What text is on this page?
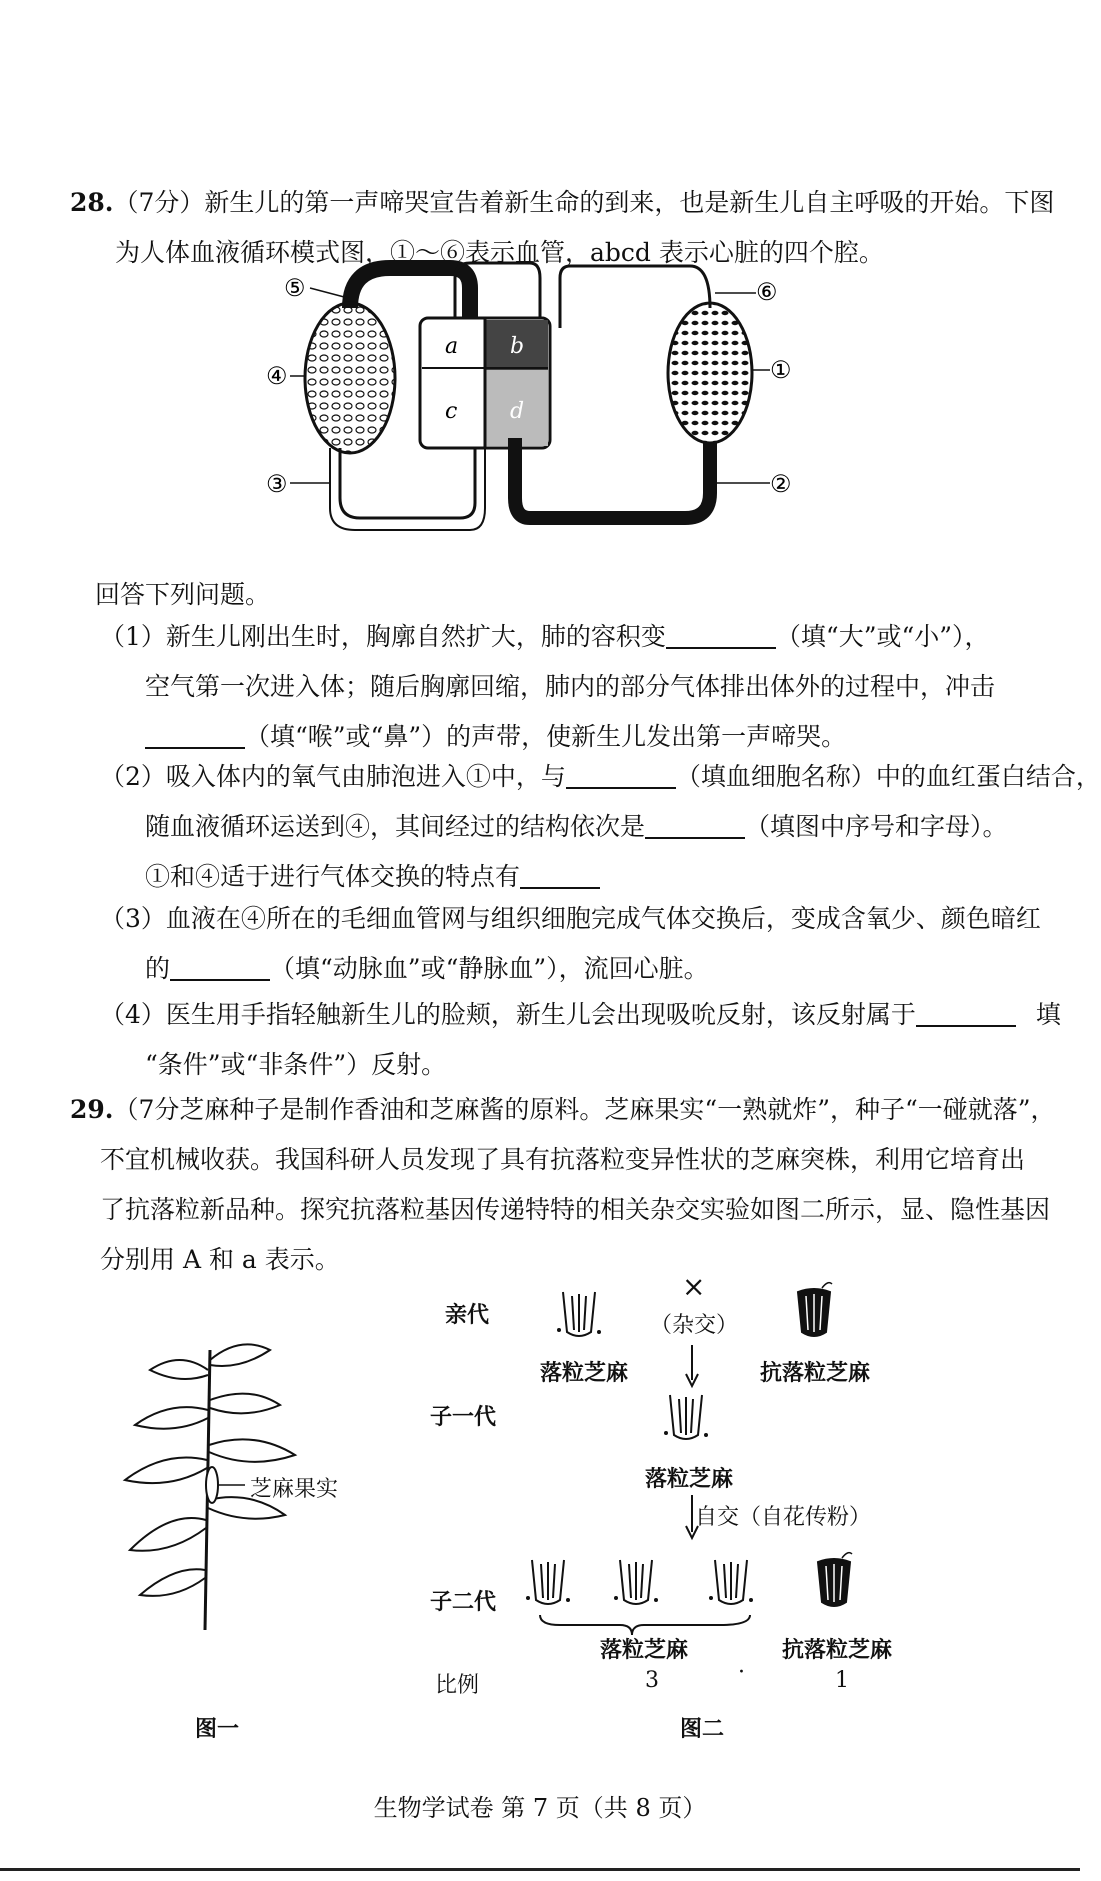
28.（7分）新生儿的第一声啼哭宣告着新生命的到来，也是新生儿自主呼吸的开始。下图
为人体血液循环模式图，①～⑥表示血管，abcd 表示心脏的四个腔。
a b
c d
①
②
③
④
⑤	⑥
回答下列问题。
（1）新生儿刚出生时，胸廓自然扩大，肺的容积变	（填“大”或“小”），
空气第一次进入体；随后胸廓回缩，肺内的部分气体排出体外的过程中，冲击
（填“喉”或“鼻”）的声带，使新生儿发出第一声啼哭。
（2）吸入体内的氧气由肺泡进入①中，与	（填血细胞名称）中的血红蛋白结合，
随血液循环运送到④，其间经过的结构依次是	（填图中序号和字母）。
①和④适于进行气体交换的特点有
（3）血液在④所在的毛细血管网与组织细胞完成气体交换后，变成含氧少、颜色暗红
的	（填“动脉血”或“静脉血”），流回心脏。
（4）医生用手指轻触新生儿的脸颊，新生儿会出现吸吮反射，该反射属于	填
“条件”或“非条件”）反射。
29.（7分芝麻种子是制作香油和芝麻酱的原料。芝麻果实“一熟就炸”，种子“一碰就落”，
不宜机械收获。我国科研人员发现了具有抗落粒变异性状的芝麻突株，利用它培育出
了抗落粒新品种。探究抗落粒基因传递特特的相关杂交实验如图二所示，显、隐性基因
分别用 A 和 a 表示。
芝麻果实
图一
亲代
子一代
子二代
比例
×
（杂交）
自交（自花传粉）
落粒芝麻	抗落粒芝麻
落粒芝麻
落粒芝麻	抗落粒芝麻
3	·	1
图二
生物学试卷 第 7 页（共 8 页）
